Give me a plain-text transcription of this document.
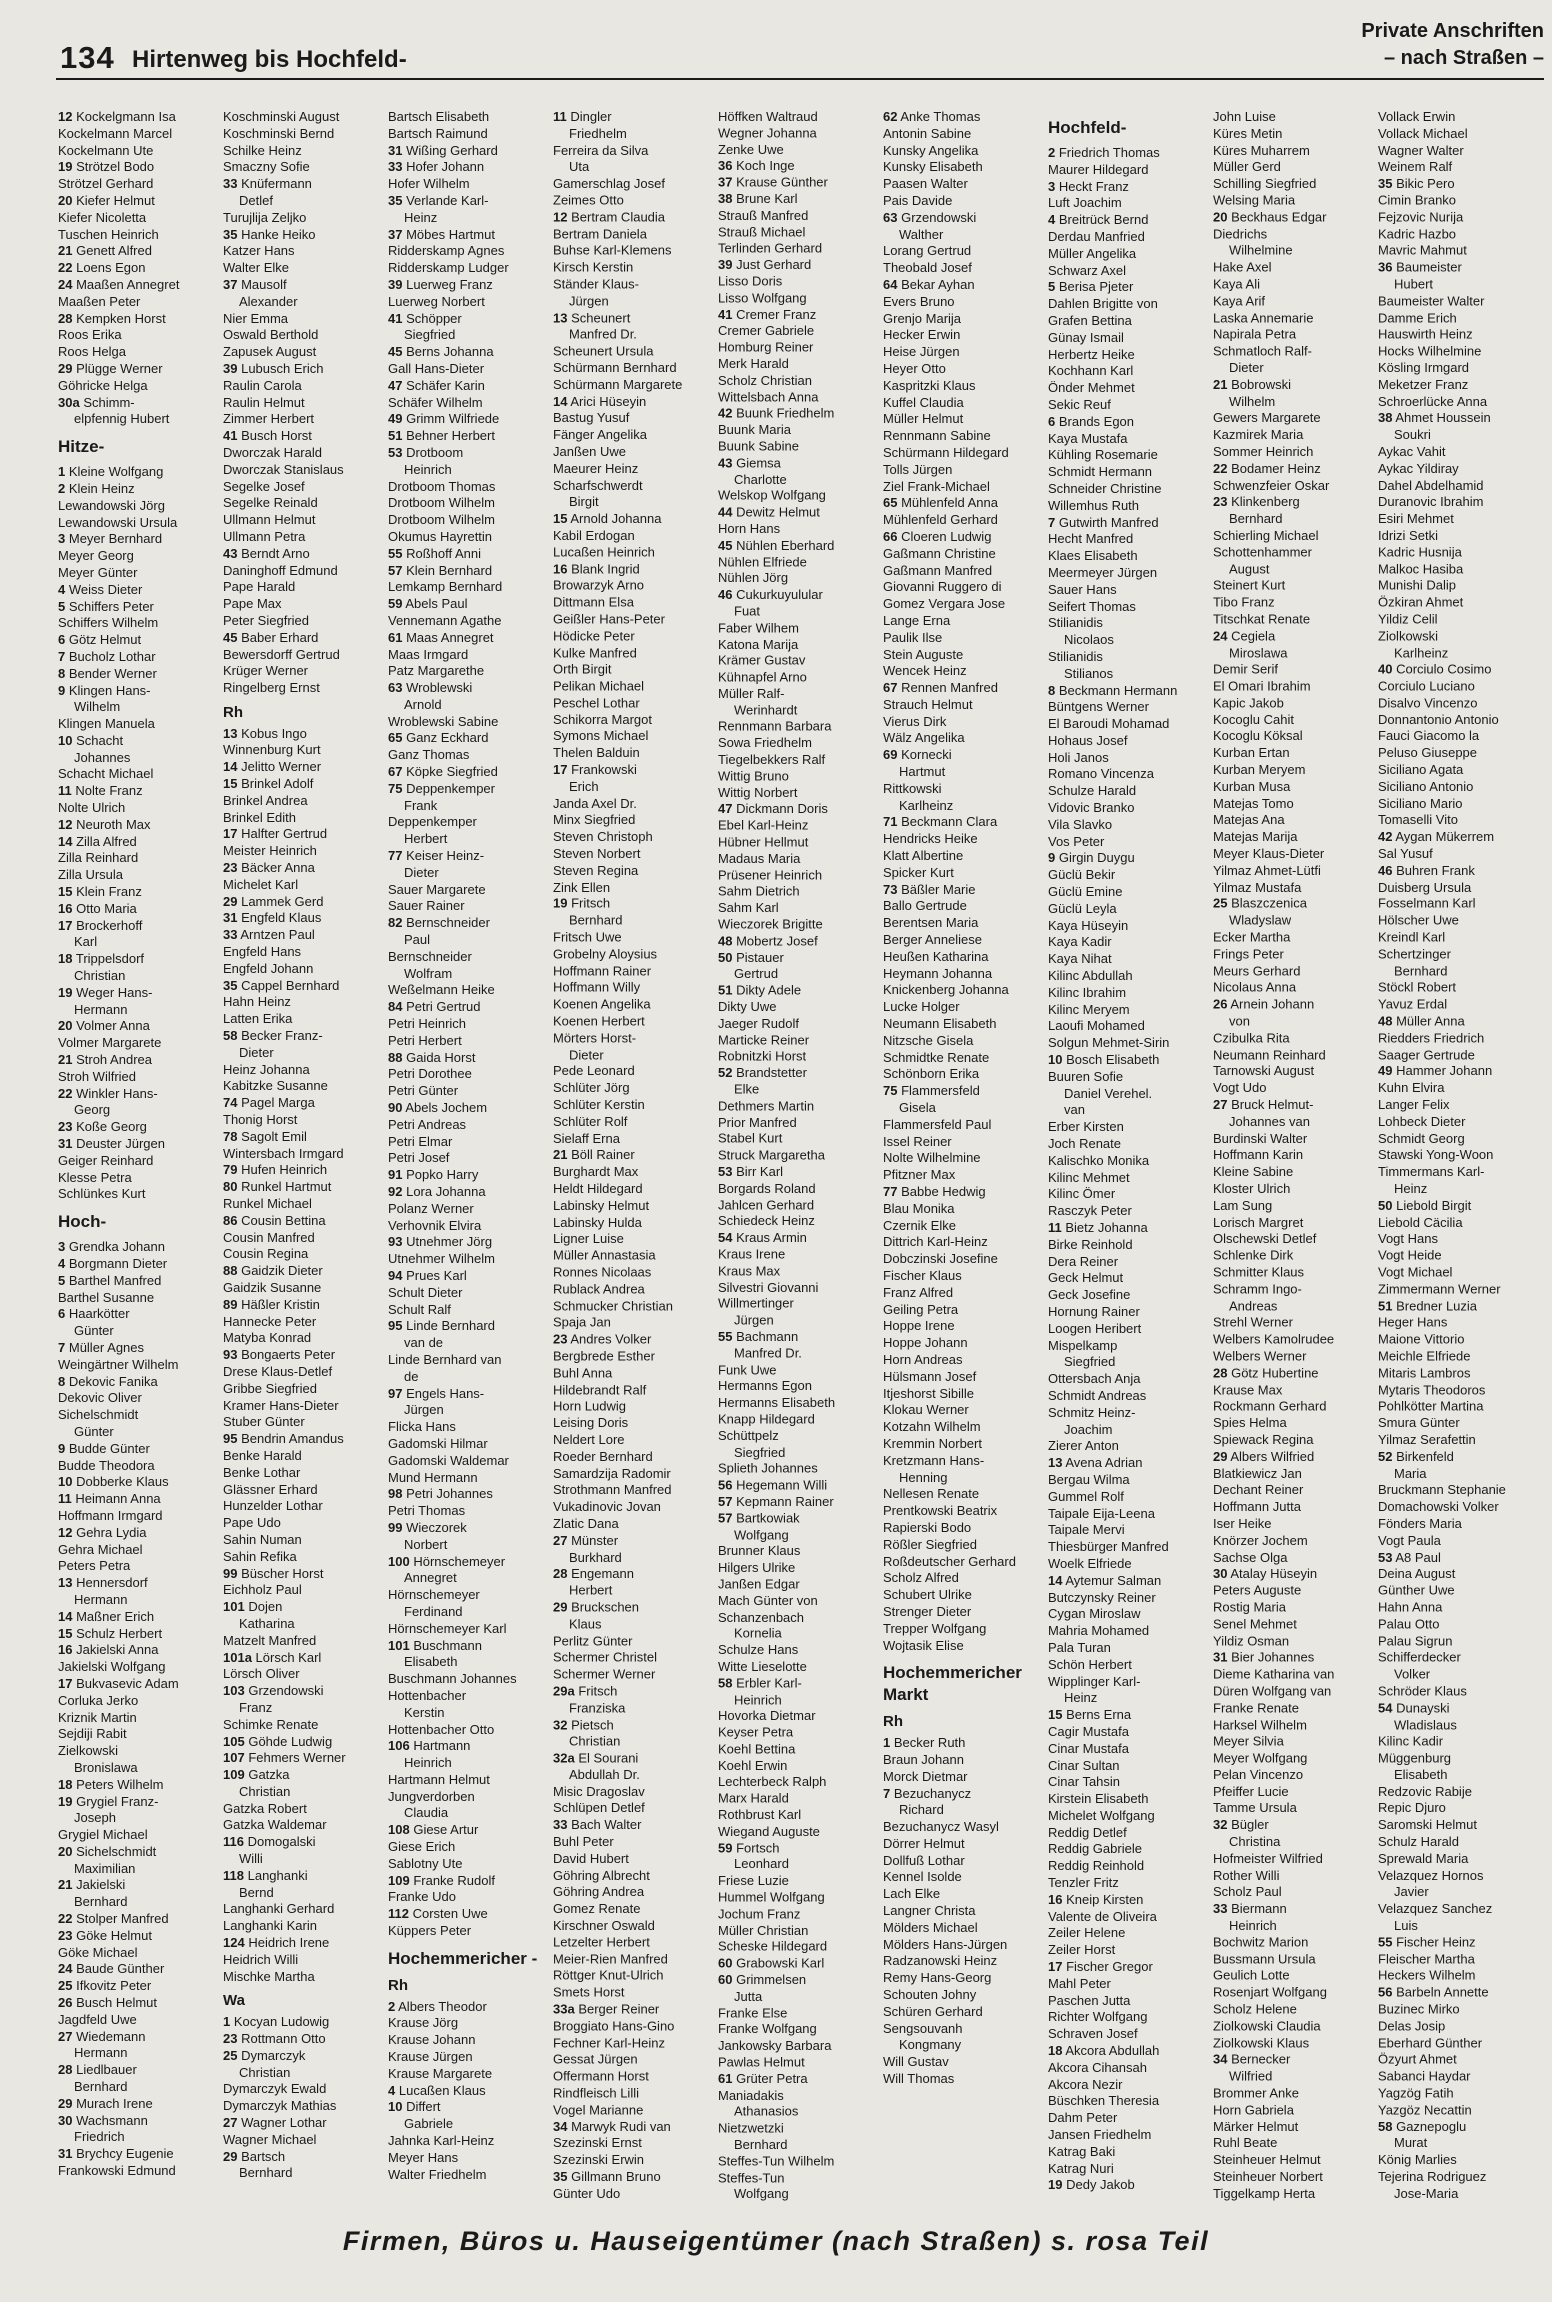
134 Hirtenweg bis Hochfeld-
Private Anschriften
– nach Straßen –
12 Kockelgmann Isa
Kockelmann Marcel
Kockelmann Ute
19 Strötzel Bodo
Strötzel Gerhard
20 Kiefer Helmut
Kiefer Nicoletta
Tuschen Heinrich
21 Genett Alfred
22 Loens Egon
24 Maaßen Annegret
Maaßen Peter
28 Kempken Horst
Roos Erika
Roos Helga
29 Plügge Werner
Göhricke Helga
30a Schimm-
elpfennig Hubert
Hitze-
1 Kleine Wolfgang
2 Klein Heinz
Lewandowski Jörg
Lewandowski Ursula
3 Meyer Bernhard
Meyer Georg
Meyer Günter
4 Weiss Dieter
5 Schiffers Peter
Schiffers Wilhelm
6 Götz Helmut
7 Bucholz Lothar
8 Bender Werner
9 Klingen Hans-
Wilhelm
Klingen Manuela
10 Schacht
Johannes
Schacht Michael
11 Nolte Franz
Nolte Ulrich
12 Neuroth Max
14 Zilla Alfred
Zilla Reinhard
Zilla Ursula
15 Klein Franz
16 Otto Maria
17 Brockerhoff
Karl
18 Trippelsdorf
Christian
19 Weger Hans-
Hermann
20 Volmer Anna
Volmer Margarete
21 Stroh Andrea
Stroh Wilfried
22 Winkler Hans-
Georg
23 Koße Georg
31 Deuster Jürgen
Geiger Reinhard
Klesse Petra
Schlünkes Kurt
Hoch-
3 Grendka Johann
4 Borgmann Dieter
5 Barthel Manfred
Barthel Susanne
6 Haarkötter
Günter
7 Müller Agnes
Weingärtner Wilhelm
8 Dekovic Fanika
Dekovic Oliver
Sichelschmidt
Günter
9 Budde Günter
Budde Theodora
10 Dobberke Klaus
11 Heimann Anna
Hoffmann Irmgard
12 Gehra Lydia
Gehra Michael
Peters Petra
13 Hennersdorf
Hermann
14 Maßner Erich
15 Schulz Herbert
16 Jakielski Anna
Jakielski Wolfgang
17 Bukvasevic Adam
Corluka Jerko
Kriznik Martin
Sejdiji Rabit
Zielkowski
Bronislawa
18 Peters Wilhelm
19 Grygiel Franz-
Joseph
Grygiel Michael
20 Sichelschmidt
Maximilian
21 Jakielski
Bernhard
22 Stolper Manfred
23 Göke Helmut
Göke Michael
24 Baude Günther
25 Ifkovitz Peter
26 Busch Helmut
Jagdfeld Uwe
27 Wiedemann
Hermann
28 Liedlbauer
Bernhard
29 Murach Irene
30 Wachsmann
Friedrich
31 Brychcy Eugenie
Frankowski Edmund
Koschminski August
Koschminski Bernd
Schilke Heinz
Smaczny Sofie
33 Knüfermann
Detlef
Turujlija Zeljko
35 Hanke Heiko
Katzer Hans
Walter Elke
37 Mausolf
Alexander
Nier Emma
Oswald Berthold
Zapusek August
39 Lubusch Erich
Raulin Carola
Raulin Helmut
Zimmer Herbert
41 Busch Horst
Dworczak Harald
Dworczak Stanislaus
Segelke Josef
Segelke Reinald
Ullmann Helmut
Ullmann Petra
43 Berndt Arno
Daninghoff Edmund
Pape Harald
Pape Max
Peter Siegfried
45 Baber Erhard
Bewersdorff Gertrud
Krüger Werner
Ringelberg Ernst
Rh
13 Kobus Ingo
Winnenburg Kurt
14 Jelitto Werner
15 Brinkel Adolf
Brinkel Andrea
Brinkel Edith
17 Halfter Gertrud
Meister Heinrich
23 Bäcker Anna
Michelet Karl
29 Lammek Gerd
31 Engfeld Klaus
33 Arntzen Paul
Engfeld Hans
Engfeld Johann
35 Cappel Bernhard
Hahn Heinz
Latten Erika
58 Becker Franz-
Dieter
Heinz Johanna
Kabitzke Susanne
74 Pagel Marga
Thonig Horst
78 Sagolt Emil
Wintersbach Irmgard
79 Hufen Heinrich
80 Runkel Hartmut
Runkel Michael
86 Cousin Bettina
Cousin Manfred
Cousin Regina
88 Gaidzik Dieter
Gaidzik Susanne
89 Häßler Kristin
Hannecke Peter
Matyba Konrad
93 Bongaerts Peter
Drese Klaus-Detlef
Gribbe Siegfried
Kramer Hans-Dieter
Stuber Günter
95 Bendrin Amandus
Benke Harald
Benke Lothar
Glässner Erhard
Hunzelder Lothar
Pape Udo
Sahin Numan
Sahin Refika
99 Büscher Horst
Eichholz Paul
101 Dojen
Katharina
Matzelt Manfred
101a Lörsch Karl
Lörsch Oliver
103 Grzendowski
Franz
Schimke Renate
105 Göhde Ludwig
107 Fehmers Werner
109 Gatzka
Christian
Gatzka Robert
Gatzka Waldemar
116 Domogalski
Willi
118 Langhanki
Bernd
Langhanki Gerhard
Langhanki Karin
124 Heidrich Irene
Heidrich Willi
Mischke Martha
Wa
1 Kocyan Ludowig
23 Rottmann Otto
25 Dymarczyk
Christian
Dymarczyk Ewald
Dymarczyk Mathias
27 Wagner Lothar
Wagner Michael
29 Bartsch
Bernhard
Bartsch Elisabeth
Bartsch Raimund
31 Wißing Gerhard
33 Hofer Johann
Hofer Wilhelm
35 Verlande Karl-
Heinz
37 Möbes Hartmut
Ridderskamp Agnes
Ridderskamp Ludger
39 Luerweg Franz
Luerweg Norbert
41 Schöpper
Siegfried
45 Berns Johanna
Gall Hans-Dieter
47 Schäfer Karin
Schäfer Wilhelm
49 Grimm Wilfriede
51 Behner Herbert
53 Drotboom
Heinrich
Drotboom Thomas
Drotboom Wilhelm
Drotboom Wilhelm
Okumus Hayrettin
55 Roßhoff Anni
57 Klein Bernhard
Lemkamp Bernhard
59 Abels Paul
Vennemann Agathe
61 Maas Annegret
Maas Irmgard
Patz Margarethe
63 Wroblewski
Arnold
Wroblewski Sabine
65 Ganz Eckhard
Ganz Thomas
67 Köpke Siegfried
75 Deppenkemper
Frank
Deppenkemper
Herbert
77 Keiser Heinz-
Dieter
Sauer Margarete
Sauer Rainer
82 Bernschneider
Paul
Bernschneider
Wolfram
Weßelmann Heike
84 Petri Gertrud
Petri Heinrich
Petri Herbert
88 Gaida Horst
Petri Dorothee
Petri Günter
90 Abels Jochem
Petri Andreas
Petri Elmar
Petri Josef
91 Popko Harry
92 Lora Johanna
Polanz Werner
Verhovnik Elvira
93 Utnehmer Jörg
Utnehmer Wilhelm
94 Prues Karl
Schult Dieter
Schult Ralf
95 Linde Bernhard
van de
Linde Bernhard van
de
97 Engels Hans-
Jürgen
Flicka Hans
Gadomski Hilmar
Gadomski Waldemar
Mund Hermann
98 Petri Johannes
Petri Thomas
99 Wieczorek
Norbert
100 Hörnschemeyer
Annegret
Hörnschemeyer
Ferdinand
Hörnschemeyer Karl
101 Buschmann
Elisabeth
Buschmann Johannes
Hottenbacher
Kerstin
Hottenbacher Otto
106 Hartmann
Heinrich
Hartmann Helmut
Jungverdorben
Claudia
108 Giese Artur
Giese Erich
Sablotny Ute
109 Franke Rudolf
Franke Udo
112 Corsten Uwe
Küppers Peter
Hochemmericher -
Rh
2 Albers Theodor
Krause Jörg
Krause Johann
Krause Jürgen
Krause Margarete
4 Lucaßen Klaus
10 Differt
Gabriele
Jahnka Karl-Heinz
Meyer Hans
Walter Friedhelm
11 Dingler
Friedhelm
Ferreira da Silva
Uta
Gamerschlag Josef
Zeimes Otto
12 Bertram Claudia
Bertram Daniela
Buhse Karl-Klemens
Kirsch Kerstin
Ständer Klaus-
Jürgen
13 Scheunert
Manfred Dr.
Scheunert Ursula
Schürmann Bernhard
Schürmann Margarete
14 Arici Hüseyin
Bastug Yusuf
Fänger Angelika
Janßen Uwe
Maeurer Heinz
Scharfschwerdt
Birgit
15 Arnold Johanna
Kabil Erdogan
Lucaßen Heinrich
16 Blank Ingrid
Browarzyk Arno
Dittmann Elsa
Geißler Hans-Peter
Hödicke Peter
Kulke Manfred
Orth Birgit
Pelikan Michael
Peschel Lothar
Schikorra Margot
Symons Michael
Thelen Balduin
17 Frankowski
Erich
Janda Axel Dr.
Minx Siegfried
Steven Christoph
Steven Norbert
Steven Regina
Zink Ellen
19 Fritsch
Bernhard
Fritsch Uwe
Grobelny Aloysius
Hoffmann Rainer
Hoffmann Willy
Koenen Angelika
Koenen Herbert
Mörters Horst-
Dieter
Pede Leonard
Schlüter Jörg
Schlüter Kerstin
Schlüter Rolf
Sielaff Erna
21 Böll Rainer
Burghardt Max
Heldt Hildegard
Labinsky Helmut
Labinsky Hulda
Ligner Luise
Müller Annastasia
Ronnes Nicolaas
Rublack Andrea
Schmucker Christian
Spaja Jan
23 Andres Volker
Bergbrede Esther
Buhl Anna
Hildebrandt Ralf
Horn Ludwig
Leising Doris
Neldert Lore
Roeder Bernhard
Samardzija Radomir
Strothmann Manfred
Vukadinovic Jovan
Zlatic Dana
27 Münster
Burkhard
28 Engemann
Herbert
29 Bruckschen
Klaus
Perlitz Günter
Schermer Christel
Schermer Werner
29a Fritsch
Franziska
32 Pietsch
Christian
32a El Sourani
Abdullah Dr.
Misic Dragoslav
Schlüpen Detlef
33 Bach Walter
Buhl Peter
David Hubert
Göhring Albrecht
Göhring Andrea
Gomez Renate
Kirschner Oswald
Letzelter Herbert
Meier-Rien Manfred
Röttger Knut-Ulrich
Smets Horst
33a Berger Reiner
Broggiato Hans-Gino
Fechner Karl-Heinz
Gessat Jürgen
Offermann Horst
Rindfleisch Lilli
Vogel Marianne
34 Marwyk Rudi van
Szezinski Ernst
Szezinski Erwin
35 Gillmann Bruno
Günter Udo
Höffken Waltraud
Wegner Johanna
Zenke Uwe
36 Koch Inge
37 Krause Günther
38 Brune Karl
Strauß Manfred
Strauß Michael
Terlinden Gerhard
39 Just Gerhard
Lisso Doris
Lisso Wolfgang
41 Cremer Franz
Cremer Gabriele
Homburg Reiner
Merk Harald
Scholz Christian
Wittelsbach Anna
42 Buunk Friedhelm
Buunk Maria
Buunk Sabine
43 Giemsa
Charlotte
Welskop Wolfgang
44 Dewitz Helmut
Horn Hans
45 Nühlen Eberhard
Nühlen Elfriede
Nühlen Jörg
46 Cukurkuyulular
Fuat
Faber Wilhem
Katona Marija
Krämer Gustav
Kühnapfel Arno
Müller Ralf-
Werinhardt
Rennmann Barbara
Sowa Friedhelm
Tiegelbekkers Ralf
Wittig Bruno
Wittig Norbert
47 Dickmann Doris
Ebel Karl-Heinz
Hübner Hellmut
Madaus Maria
Prüsener Heinrich
Sahm Dietrich
Sahm Karl
Wieczorek Brigitte
48 Mobertz Josef
50 Pistauer
Gertrud
51 Dikty Adele
Dikty Uwe
Jaeger Rudolf
Marticke Reiner
Robnitzki Horst
52 Brandstetter
Elke
Dethmers Martin
Prior Manfred
Stabel Kurt
Struck Margaretha
53 Birr Karl
Borgards Roland
Jahlcen Gerhard
Schiedeck Heinz
54 Kraus Armin
Kraus Irene
Kraus Max
Silvestri Giovanni
Willmertinger
Jürgen
55 Bachmann
Manfred Dr.
Funk Uwe
Hermanns Egon
Hermanns Elisabeth
Knapp Hildegard
Schüttpelz
Siegfried
Splieth Johannes
56 Hegemann Willi
57 Kepmann Rainer
57 Bartkowiak
Wolfgang
Brunner Klaus
Hilgers Ulrike
Janßen Edgar
Mach Günter von
Schanzenbach
Kornelia
Schulze Hans
Witte Lieselotte
58 Erbler Karl-
Heinrich
Hovorka Dietmar
Keyser Petra
Koehl Bettina
Koehl Erwin
Lechterbeck Ralph
Marx Harald
Rothbrust Karl
Wiegand Auguste
59 Fortsch
Leonhard
Friese Luzie
Hummel Wolfgang
Jochum Franz
Müller Christian
Scheske Hildegard
60 Grabowski Karl
60 Grimmelsen
Jutta
Franke Else
Franke Wolfgang
Jankowsky Barbara
Pawlas Helmut
61 Grüter Petra
Maniadakis
Athanasios
Nietzwetzki
Bernhard
Steffes-Tun Wilhelm
Steffes-Tun
Wolfgang
62 Anke Thomas
Antonin Sabine
Kunsky Angelika
Kunsky Elisabeth
Paasen Walter
Pais Davide
63 Grzendowski
Walther
Lorang Gertrud
Theobald Josef
64 Bekar Ayhan
Evers Bruno
Grenjo Marija
Hecker Erwin
Heise Jürgen
Heyer Otto
Kaspritzki Klaus
Kuffel Claudia
Müller Helmut
Rennmann Sabine
Schürmann Hildegard
Tolls Jürgen
Ziel Frank-Michael
65 Mühlenfeld Anna
Mühlenfeld Gerhard
66 Cloeren Ludwig
Gaßmann Christine
Gaßmann Manfred
Giovanni Ruggero di
Gomez Vergara Jose
Lange Erna
Paulik Ilse
Stein Auguste
Wencek Heinz
67 Rennen Manfred
Strauch Helmut
Vierus Dirk
Wälz Angelika
69 Kornecki
Hartmut
Rittkowski
Karlheinz
71 Beckmann Clara
Hendricks Heike
Klatt Albertine
Spicker Kurt
73 Bäßler Marie
Ballo Gertrude
Berentsen Maria
Berger Anneliese
Heußen Katharina
Heymann Johanna
Knickenberg Johanna
Lucke Holger
Neumann Elisabeth
Nitzsche Gisela
Schmidtke Renate
Schönborn Erika
75 Flammersfeld
Gisela
Flammersfeld Paul
Issel Reiner
Nolte Wilhelmine
Pfitzner Max
77 Babbe Hedwig
Blau Monika
Czernik Elke
Dittrich Karl-Heinz
Dobczinski Josefine
Fischer Klaus
Franz Alfred
Geiling Petra
Hoppe Irene
Hoppe Johann
Horn Andreas
Hülsmann Josef
Itjeshorst Sibille
Klokau Werner
Kotzahn Wilhelm
Kremmin Norbert
Kretzmann Hans-
Henning
Nellesen Renate
Prentkowski Beatrix
Rapierski Bodo
Rößler Siegfried
Roßdeutscher Gerhard
Scholz Alfred
Schubert Ulrike
Strenger Dieter
Trepper Wolfgang
Wojtasik Elise
Hochemmericher Markt
Rh
1 Becker Ruth
Braun Johann
Morck Dietmar
7 Bezuchanycz
Richard
Bezuchanycz Wasyl
Dörrer Helmut
Dollfuß Lothar
Kennel Isolde
Lach Elke
Langner Christa
Mölders Michael
Mölders Hans-Jürgen
Radzanowski Heinz
Remy Hans-Georg
Schouten Johny
Schüren Gerhard
Sengsouvanh
Kongmany
Will Gustav
Will Thomas
Hochfeld-
2 Friedrich Thomas
Maurer Hildegard
3 Heckt Franz
Luft Joachim
4 Breitrück Bernd
Derdau Manfried
Müller Angelika
Schwarz Axel
5 Berisa Pjeter
Dahlen Brigitte von
Grafen Bettina
Günay Ismail
Herbertz Heike
Kochhann Karl
Önder Mehmet
Sekic Reuf
6 Brands Egon
Kaya Mustafa
Kühling Rosemarie
Schmidt Hermann
Schneider Christine
Willemhus Ruth
7 Gutwirth Manfred
Hecht Manfred
Klaes Elisabeth
Meermeyer Jürgen
Sauer Hans
Seifert Thomas
Stilianidis
Nicolaos
Stilianidis
Stilianos
8 Beckmann Hermann
Büntgens Werner
El Baroudi Mohamad
Hohaus Josef
Holi Janos
Romano Vincenza
Schulze Harald
Vidovic Branko
Vila Slavko
Vos Peter
9 Girgin Duygu
Güclü Bekir
Güclü Emine
Güclü Leyla
Kaya Hüseyin
Kaya Kadir
Kaya Nihat
Kilinc Abdullah
Kilinc Ibrahim
Kilinc Meryem
Laoufi Mohamed
Solgun Mehmet-Sirin
10 Bosch Elisabeth
Buuren Sofie
Daniel Verehel.
van
Erber Kirsten
Joch Renate
Kalischko Monika
Kilinc Mehmet
Kilinc Ömer
Rasczyk Peter
11 Bietz Johanna
Birke Reinhold
Dera Reiner
Geck Helmut
Geck Josefine
Hornung Rainer
Loogen Heribert
Mispelkamp
Siegfried
Ottersbach Anja
Schmidt Andreas
Schmitz Heinz-
Joachim
Zierer Anton
13 Avena Adrian
Bergau Wilma
Gummel Rolf
Taipale Eija-Leena
Taipale Mervi
Thiesbürger Manfred
Woelk Elfriede
14 Aytemur Salman
Butczynsky Reiner
Cygan Miroslaw
Mahria Mohamed
Pala Turan
Schön Herbert
Wipplinger Karl-
Heinz
15 Berns Erna
Cagir Mustafa
Cinar Mustafa
Cinar Sultan
Cinar Tahsin
Kirstein Elisabeth
Michelet Wolfgang
Reddig Detlef
Reddig Gabriele
Reddig Reinhold
Tenzler Fritz
16 Kneip Kirsten
Valente de Oliveira
Zeiler Helene
Zeiler Horst
17 Fischer Gregor
Mahl Peter
Paschen Jutta
Richter Wolfgang
Schraven Josef
18 Akcora Abdullah
Akcora Cihansah
Akcora Nezir
Büschken Theresia
Dahm Peter
Jansen Friedhelm
Katrag Baki
Katrag Nuri
19 Dedy Jakob
John Luise
Küres Metin
Küres Muharrem
Müller Gerd
Schilling Siegfried
Welsing Maria
20 Beckhaus Edgar
Diedrichs
Wilhelmine
Hake Axel
Kaya Ali
Kaya Arif
Laska Annemarie
Napirala Petra
Schmatloch Ralf-
Dieter
21 Bobrowski
Wilhelm
Gewers Margarete
Kazmirek Maria
Sommer Heinrich
22 Bodamer Heinz
Schwenzfeier Oskar
23 Klinkenberg
Bernhard
Schierling Michael
Schottenhammer
August
Steinert Kurt
Tibo Franz
Titschkat Renate
24 Cegiela
Miroslawa
Demir Serif
El Omari Ibrahim
Kapic Jakob
Kocoglu Cahit
Kocoglu Köksal
Kurban Ertan
Kurban Meryem
Kurban Musa
Matejas Tomo
Matejas Ana
Matejas Marija
Meyer Klaus-Dieter
Yilmaz Ahmet-Lütfi
Yilmaz Mustafa
25 Blaszczenica
Wladyslaw
Ecker Martha
Frings Peter
Meurs Gerhard
Nicolaus Anna
26 Arnein Johann
von
Czibulka Rita
Neumann Reinhard
Tarnowski August
Vogt Udo
27 Bruck Helmut-
Johannes van
Burdinski Walter
Hoffmann Karin
Kleine Sabine
Kloster Ulrich
Lam Sung
Lorisch Margret
Olschewski Detlef
Schlenke Dirk
Schmitter Klaus
Schramm Ingo-
Andreas
Strehl Werner
Welbers Kamolrudee
Welbers Werner
28 Götz Hubertine
Krause Max
Rockmann Gerhard
Spies Helma
Spiewack Regina
29 Albers Wilfried
Blatkiewicz Jan
Dechant Reiner
Hoffmann Jutta
Iser Heike
Knörzer Jochem
Sachse Olga
30 Atalay Hüseyin
Peters Auguste
Rostig Maria
Senel Mehmet
Yildiz Osman
31 Bier Johannes
Dieme Katharina van
Düren Wolfgang van
Franke Renate
Harksel Wilhelm
Meyer Silvia
Meyer Wolfgang
Pelan Vincenzo
Pfeiffer Lucie
Tamme Ursula
32 Bügler
Christina
Hofmeister Wilfried
Rother Willi
Scholz Paul
33 Biermann
Heinrich
Bochwitz Marion
Bussmann Ursula
Geulich Lotte
Rosenjart Wolfgang
Scholz Helene
Ziolkowski Claudia
Ziolkowski Klaus
34 Bernecker
Wilfried
Brommer Anke
Horn Gabriela
Märker Helmut
Ruhl Beate
Steinheuer Helmut
Steinheuer Norbert
Tiggelkamp Herta
Vollack Erwin
Vollack Michael
Wagner Walter
Weinem Ralf
35 Bikic Pero
Cimin Branko
Fejzovic Nurija
Kadric Hazbo
Mavric Mahmut
36 Baumeister
Hubert
Baumeister Walter
Damme Erich
Hauswirth Heinz
Hocks Wilhelmine
Kösling Irmgard
Meketzer Franz
Schroerlücke Anna
38 Ahmet Houssein
Soukri
Aykac Vahit
Aykac Yildiray
Dahel Abdelhamid
Duranovic Ibrahim
Esiri Mehmet
Idrizi Setki
Kadric Husnija
Malkoc Hasiba
Munishi Dalip
Özkiran Ahmet
Yildiz Celil
Ziolkowski
Karlheinz
40 Corciulo Cosimo
Corciulo Luciano
Disalvo Vincenzo
Donnantonio Antonio
Fauci Giacomo la
Peluso Giuseppe
Siciliano Agata
Siciliano Antonio
Siciliano Mario
Tomaselli Vito
42 Aygan Mükerrem
Sal Yusuf
46 Buhren Frank
Duisberg Ursula
Fosselmann Karl
Hölscher Uwe
Kreindl Karl
Schertzinger
Bernhard
Stöckl Robert
Yavuz Erdal
48 Müller Anna
Riedders Friedrich
Saager Gertrude
49 Hammer Johann
Kuhn Elvira
Langer Felix
Lohbeck Dieter
Schmidt Georg
Stawski Yong-Woon
Timmermans Karl-
Heinz
50 Liebold Birgit
Liebold Cäcilia
Vogt Hans
Vogt Heide
Vogt Michael
Zimmermann Werner
51 Bredner Luzia
Heger Hans
Maione Vittorio
Meichle Elfriede
Mitaris Lambros
Mytaris Theodoros
Pohlkötter Martina
Smura Günter
Yilmaz Serafettin
52 Birkenfeld
Maria
Bruckmann Stephanie
Domachowski Volker
Fönders Maria
Vogt Paula
53 A8 Paul
Deina August
Günther Uwe
Hahn Anna
Palau Otto
Palau Sigrun
Schifferdecker
Volker
Schröder Klaus
54 Dunayski
Wladislaus
Kilinc Kadir
Müggenburg
Elisabeth
Redzovic Rabije
Repic Djuro
Saromski Helmut
Schulz Harald
Sprewald Maria
Velazquez Hornos
Javier
Velazquez Sanchez
Luis
55 Fischer Heinz
Fleischer Martha
Heckers Wilhelm
56 Barbeln Annette
Buzinec Mirko
Delas Josip
Eberhard Günther
Özyurt Ahmet
Sabanci Haydar
Yagzög Fatih
Yazgöz Necattin
58 Gaznepoglu
Murat
König Marlies
Tejerina Rodriguez
Jose-Maria
Firmen, Büros u. Hauseigentümer (nach Straßen) s. rosa Teil
